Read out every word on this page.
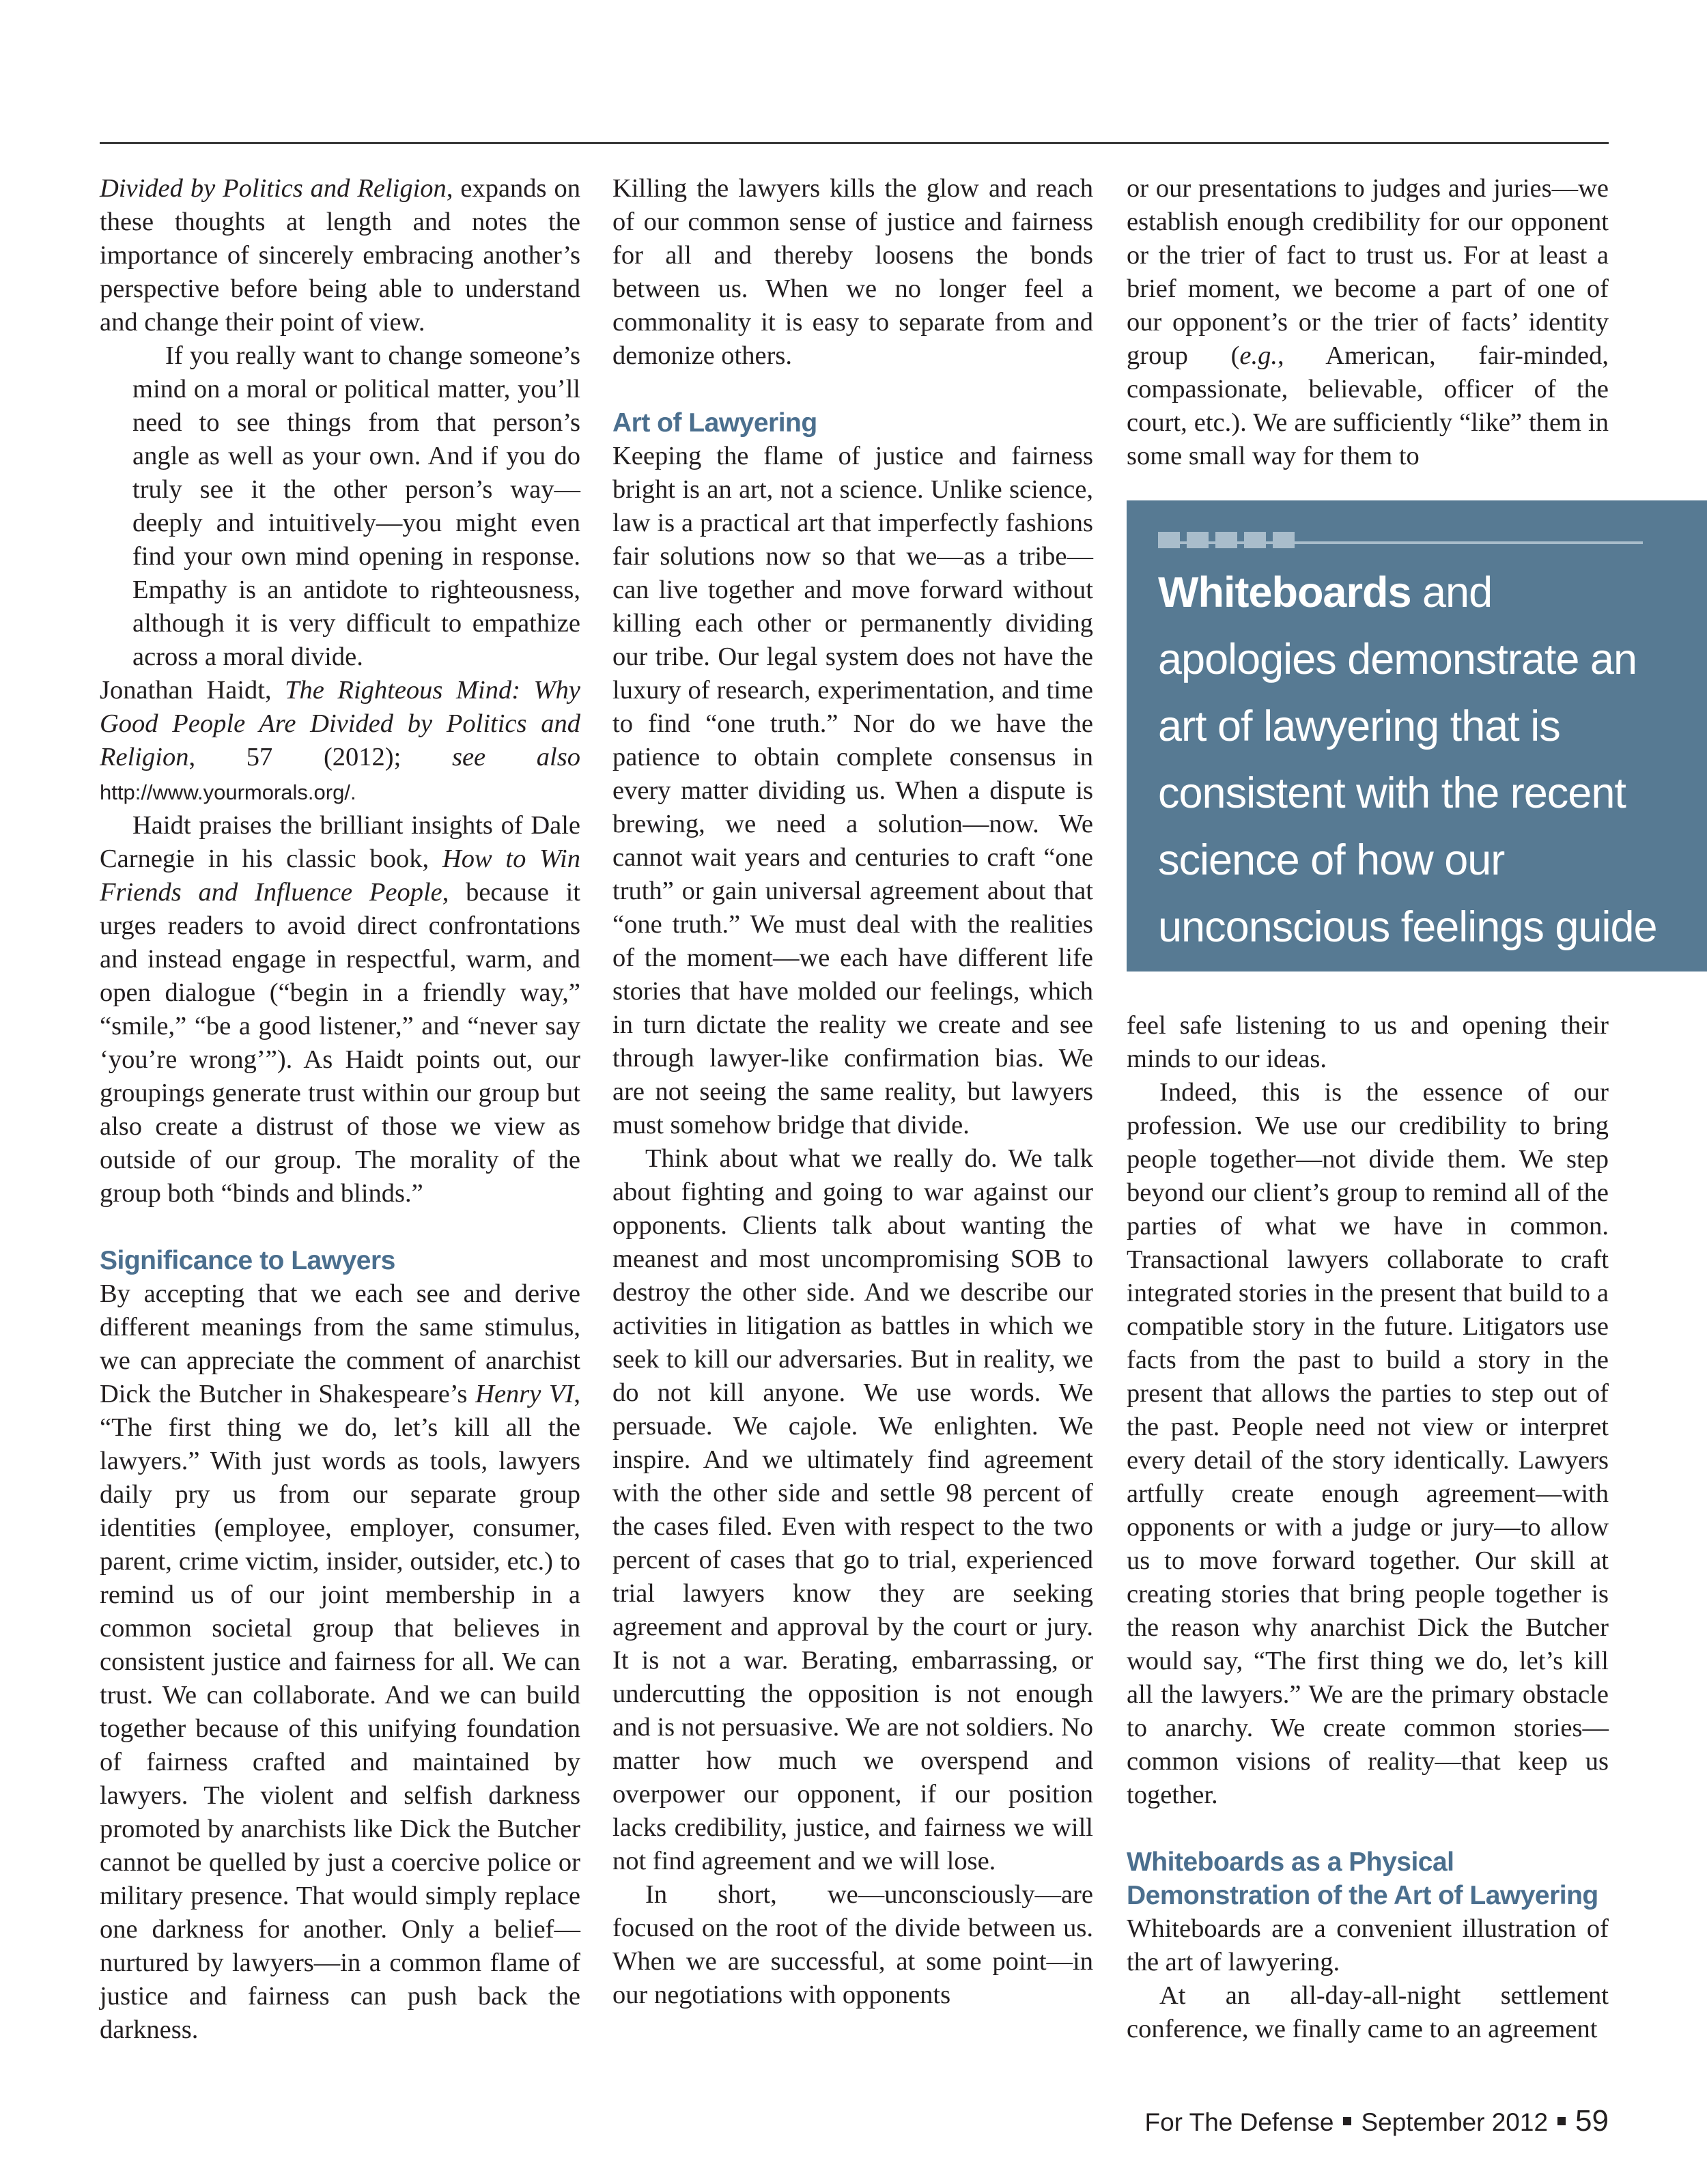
Divided by Politics and Religion, expands on these thoughts at length and notes the importance of sincerely embracing another’s perspective before being able to understand and change their point of view.

If you really want to change someone’s mind on a moral or political matter, you’ll need to see things from that person’s angle as well as your own. And if you do truly see it the other person’s way—deeply and intuitively—you might even find your own mind opening in response. Empathy is an antidote to righteousness, although it is very difficult to empathize across a moral divide.

Jonathan Haidt, The Righteous Mind: Why Good People Are Divided by Politics and Religion, 57 (2012); see also http://www.yourmorals.org/.

Haidt praises the brilliant insights of Dale Carnegie in his classic book, How to Win Friends and Influence People, because it urges readers to avoid direct confrontations and instead engage in respectful, warm, and open dialogue (“begin in a friendly way,” “smile,” “be a good listener,” and “never say ‘you’re wrong’”). As Haidt points out, our groupings generate trust within our group but also create a distrust of those we view as outside of our group. The morality of the group both “binds and blinds.”

Significance to Lawyers

By accepting that we each see and derive different meanings from the same stimulus, we can appreciate the comment of anarchist Dick the Butcher in Shakespeare’s Henry VI, “The first thing we do, let’s kill all the lawyers.” With just words as tools, lawyers daily pry us from our separate group identities (employee, employer, consumer, parent, crime victim, insider, outsider, etc.) to remind us of our joint membership in a common societal group that believes in consistent justice and fairness for all. We can trust. We can collaborate. And we can build together because of this unifying foundation of fairness crafted and maintained by lawyers. The violent and selfish darkness promoted by anarchists like Dick the Butcher cannot be quelled by just a coercive police or military presence. That would simply replace one darkness for another. Only a belief—nurtured by lawyers—in a common flame of justice and fairness can push back the darkness.

Killing the lawyers kills the glow and reach of our common sense of justice and fairness for all and thereby loosens the bonds between us. When we no longer feel a commonality it is easy to separate from and demonize others.

Art of Lawyering

Keeping the flame of justice and fairness bright is an art, not a science. Unlike science, law is a practical art that imperfectly fashions fair solutions now so that we—as a tribe—can live together and move forward without killing each other or permanently dividing our tribe. Our legal system does not have the luxury of research, experimentation, and time to find “one truth.” Nor do we have the patience to obtain complete consensus in every matter dividing us. When a dispute is brewing, we need a solution—now. We cannot wait years and centuries to craft “one truth” or gain universal agreement about that “one truth.” We must deal with the realities of the moment—we each have different life stories that have molded our feelings, which in turn dictate the reality we create and see through lawyer-like confirmation bias. We are not seeing the same reality, but lawyers must somehow bridge that divide.

Think about what we really do. We talk about fighting and going to war against our opponents. Clients talk about wanting the meanest and most uncompromising SOB to destroy the other side. And we describe our activities in litigation as battles in which we seek to kill our adversaries. But in reality, we do not kill anyone. We use words. We persuade. We cajole. We enlighten. We inspire. And we ultimately find agreement with the other side and settle 98 percent of the cases filed. Even with respect to the two percent of cases that go to trial, experienced trial lawyers know they are seeking agreement and approval by the court or jury. It is not a war. Berating, embarrassing, or undercutting the opposition is not enough and is not persuasive. We are not soldiers. No matter how much we overspend and overpower our opponent, if our position lacks credibility, justice, and fairness we will not find agreement and we will lose.

In short, we—unconsciously—are focused on the root of the divide between us. When we are successful, at some point—in our negotiations with opponents

or our presentations to judges and juries—we establish enough credibility for our opponent or the trier of fact to trust us. For at least a brief moment, we become a part of one of our opponent’s or the trier of facts’ identity group (e.g., American, fair-minded, compassionate, believable, officer of the court, etc.). We are sufficiently “like” them in some small way for them to

Whiteboards and apologies demonstrate an art of lawyering that is consistent with the recent science of how our unconscious feelings guide our decisions.

feel safe listening to us and opening their minds to our ideas.

Indeed, this is the essence of our profession. We use our credibility to bring people together—not divide them. We step beyond our client’s group to remind all of the parties of what we have in common. Transactional lawyers collaborate to craft integrated stories in the present that build to a compatible story in the future. Litigators use facts from the past to build a story in the present that allows the parties to step out of the past. People need not view or interpret every detail of the story identically. Lawyers artfully create enough agreement—with opponents or with a judge or jury—to allow us to move forward together. Our skill at creating stories that bring people together is the reason why anarchist Dick the Butcher would say, “The first thing we do, let’s kill all the lawyers.” We are the primary obstacle to anarchy. We create common stories—common visions of reality—that keep us together.

Whiteboards as a Physical Demonstration of the Art of Lawyering

Whiteboards are a convenient illustration of the art of lawyering.

At an all-day-all-night settlement conference, we finally came to an agreement

For The Defense September 2012 59
